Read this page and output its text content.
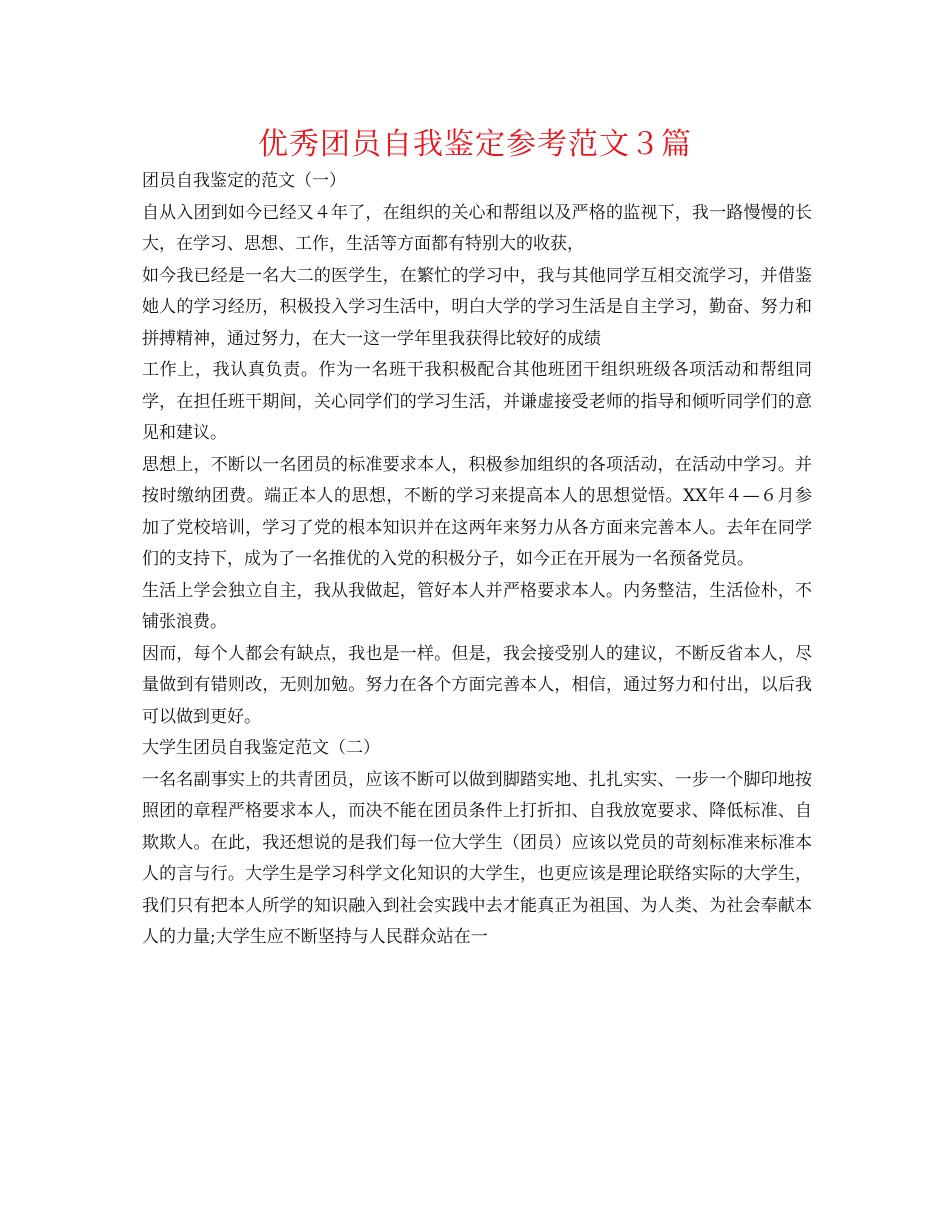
优秀团员自我鉴定参考范文３篇

团员自我鉴定的范文（一）

自从入团到如今已经又４年了，在组织的关心和帮组以及严格的监视下，我一路慢慢的长大，在学习、思想、工作，生活等方面都有特别大的收获，

如今我已经是一名大二的医学生，在繁忙的学习中，我与其他同学互相交流学习，并借鉴她人的学习经历，积极投入学习生活中，明白大学的学习生活是自主学习，勤奋、努力和拼搏精神，通过努力，在大一这一学年里我获得比较好的成绩

工作上，我认真负责。作为一名班干我积极配合其他班团干组织班级各项活动和帮组同学，在担任班干期间，关心同学们的学习生活，并谦虚接受老师的指导和倾听同学们的意见和建议。

思想上，不断以一名团员的标准要求本人，积极参加组织的各项活动，在活动中学习。并按时缴纳团费。端正本人的思想，不断的学习来提高本人的思想觉悟。XX年４—６月参加了党校培训，学习了党的根本知识并在这两年来努力从各方面来完善本人。去年在同学们的支持下，成为了一名推优的入党的积极分子，如今正在开展为一名预备党员。

生活上学会独立自主，我从我做起，管好本人并严格要求本人。内务整洁，生活俭朴，不铺张浪费。

因而，每个人都会有缺点，我也是一样。但是，我会接受别人的建议，不断反省本人，尽量做到有错则改，无则加勉。努力在各个方面完善本人，相信，通过努力和付出，以后我可以做到更好。

大学生团员自我鉴定范文（二）

一名名副事实上的共青团员，应该不断可以做到脚踏实地、扎扎实实、一步一个脚印地按照团的章程严格要求本人，而决不能在团员条件上打折扣、自我放宽要求、降低标准、自欺欺人。在此，我还想说的是我们每一位大学生（团员）应该以党员的苛刻标准来标准本人的言与行。大学生是学习科学文化知识的大学生，也更应该是理论联络实际的大学生，我们只有把本人所学的知识融入到社会实践中去才能真正为祖国、为人类、为社会奉献本人的力量;大学生应不断坚持与人民群众站在一
